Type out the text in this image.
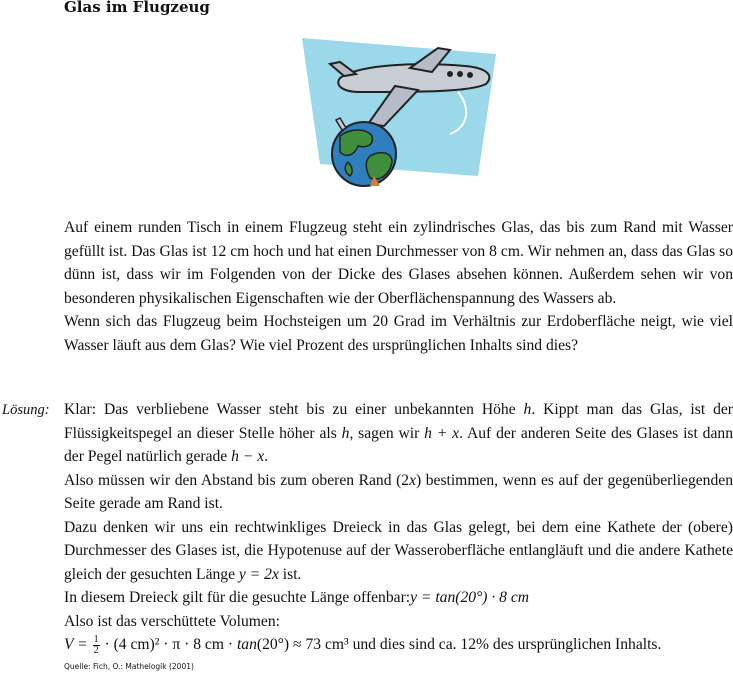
Glas im Flugzeug

Auf einem runden Tisch in einem Flugzeug steht ein zylindrisches Glas, das bis zum Rand mit Wasser gefüllt ist. Das Glas ist 12 cm hoch und hat einen Durchmesser von 8 cm. Wir nehmen an, dass das Glas so dünn ist, dass wir im Folgenden von der Dicke des Glases absehen können. Außerdem sehen wir von besonderen physikalischen Eigenschaften wie der Oberflächenspannung des Wassers ab.

Wenn sich das Flugzeug beim Hochsteigen um 20 Grad im Verhältnis zur Erdoberfläche neigt, wie viel Wasser läuft aus dem Glas? Wie viel Prozent des ursprünglichen Inhalts sind dies?

Lösung: Klar: Das verbliebene Wasser steht bis zu einer unbekannten Höhe h. Kippt man das Glas, ist der Flüssigkeitspegel an dieser Stelle höher als h, sagen wir h + x. Auf der anderen Seite des Glases ist dann der Pegel natürlich gerade h − x.

Also müssen wir den Abstand bis zum oberen Rand (2x) bestimmen, wenn es auf der gegenüberliegenden Seite gerade am Rand ist.

Dazu denken wir uns ein rechtwinkliges Dreieck in das Glas gelegt, bei dem eine Kathete der (obere) Durchmesser des Glases ist, die Hypotenuse auf der Wasseroberfläche entlangläuft und die andere Kathete gleich der gesuchten Länge y = 2x ist.

In diesem Dreieck gilt für die gesuchte Länge offenbar:y = tan(20°) · 8 cm

Also ist das verschüttete Volumen:

$V = \frac{1}{2} \cdot (4$ cm)² · π · 8 cm · tan(20°) ≈ 73 cm³ und dies sind ca. 12% des ursprünglichen Inhalts.

Quelle: Fich, O.: Mathelogik (2001)
